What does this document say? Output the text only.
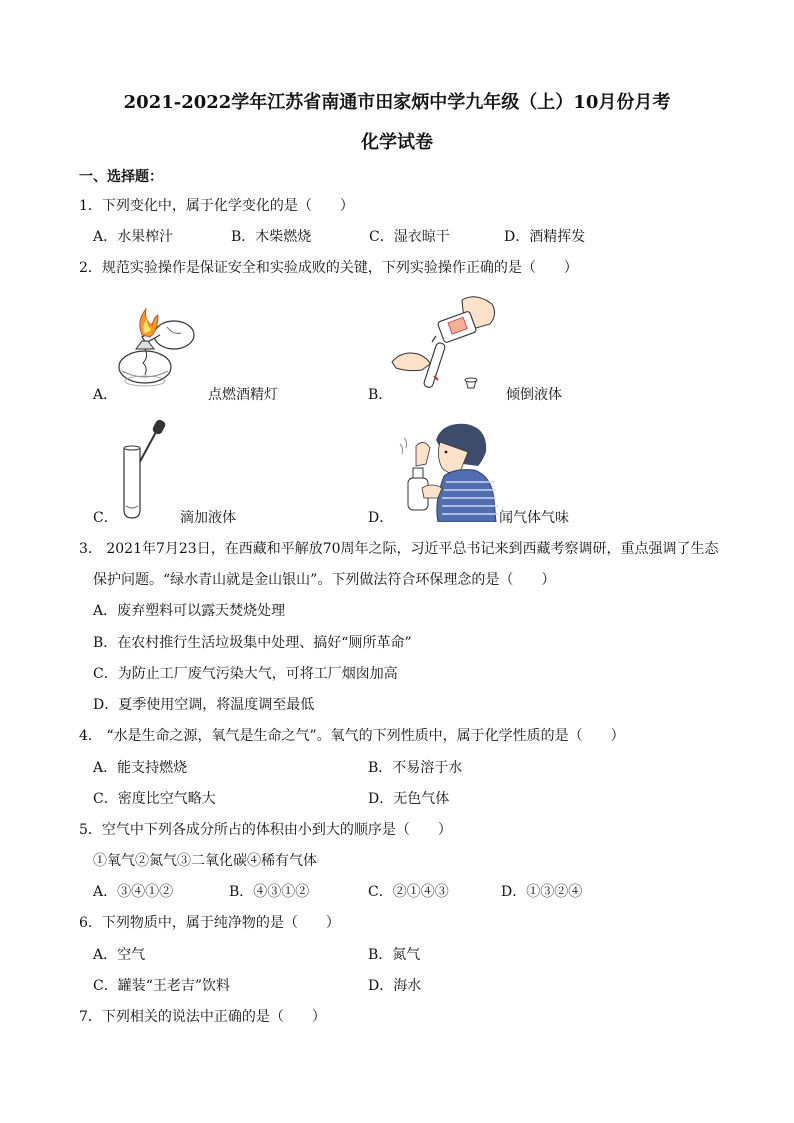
2021-2022学年江苏省南通市田家炳中学九年级（上）10月份月考
化学试卷
一、选择题：
1．下列变化中，属于化学变化的是（　　）
A．水果榨汁	B．木柴燃烧	C．湿衣晾干	D．酒精挥发
2．规范实验操作是保证安全和实验成败的关键，下列实验操作正确的是（　　）
A．	点燃酒精灯	B．	倾倒液体
C．	滴加液体	D．	闻气体气味
3． 2021年7月23日，在西藏和平解放70周年之际，习近平总书记来到西藏考察调研，重点强调了生态
保护问题。“绿水青山就是金山银山”。下列做法符合环保理念的是（　　）
A．废弃塑料可以露天焚烧处理
B．在农村推行生活垃圾集中处理、搞好“厕所革命”
C．为防止工厂废气污染大气，可将工厂烟囱加高
D．夏季使用空调，将温度调至最低
4． “水是生命之源，氧气是生命之气”。氧气的下列性质中，属于化学性质的是（　　）
A．能支持燃烧	B．不易溶于水
C．密度比空气略大	D．无色气体
5．空气中下列各成分所占的体积由小到大的顺序是（　　）
①氧气②氮气③二氧化碳④稀有气体
A．③④①②	B．④③①②	C．②①④③	D．①③②④
6．下列物质中，属于纯净物的是（　　）
A．空气	B．氮气
C．罐装“王老吉”饮料	D．海水
7．下列相关的说法中正确的是（　　）
